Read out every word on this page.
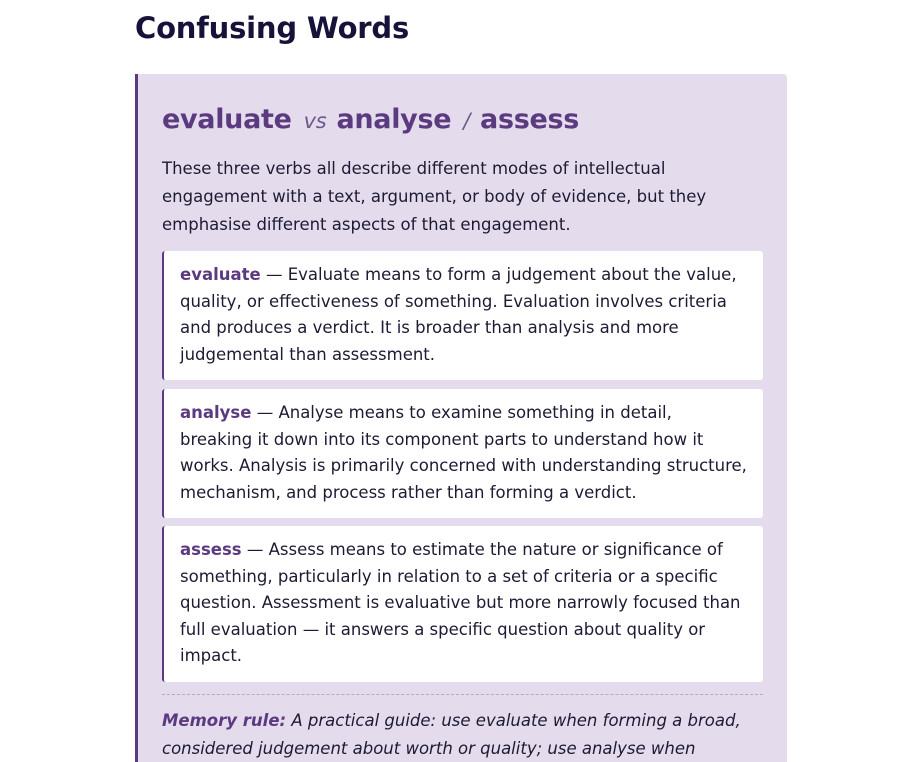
Confusing Words
evaluate vs analyse / assess

These three verbs all describe different modes of intellectual engagement with a text, argument, or body of evidence, but they emphasise different aspects of that engagement.

evaluate — Evaluate means to form a judgement about the value, quality, or effectiveness of something. Evaluation involves criteria and produces a verdict. It is broader than analysis and more judgemental than assessment.
analyse — Analyse means to examine something in detail, breaking it down into its component parts to understand how it works. Analysis is primarily concerned with understanding structure, mechanism, and process rather than forming a verdict.
assess — Assess means to estimate the nature or significance of something, particularly in relation to a set of criteria or a specific question. Assessment is evaluative but more narrowly focused than full evaluation — it answers a specific question about quality or impact.

Memory rule: A practical guide: use evaluate when forming a broad, considered judgement about worth or quality; use analyse when
